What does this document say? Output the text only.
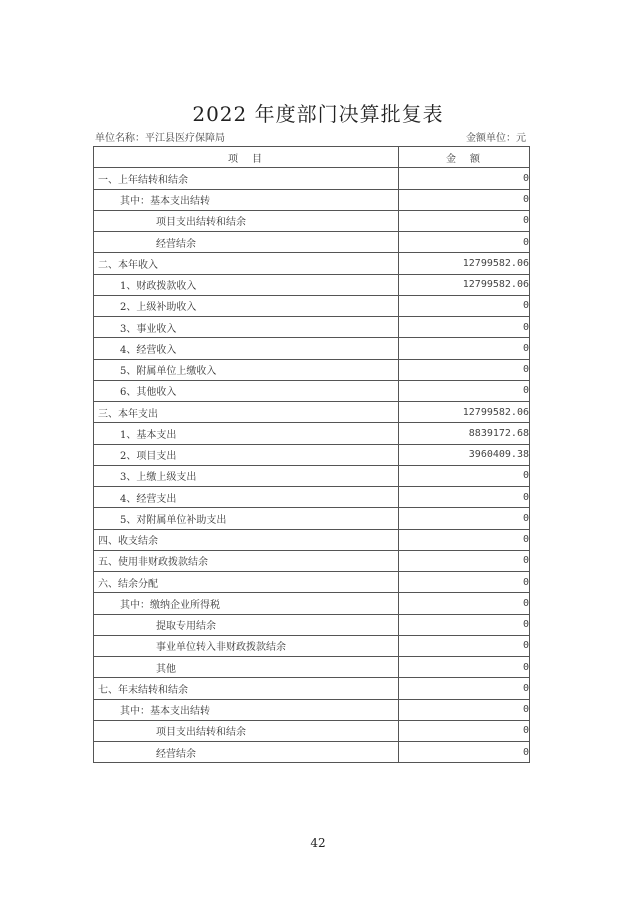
2022 年度部门决算批复表
单位名称：平江县医疗保障局	金额单位：元
项　目	金　额
一、上年结转和结余	0
其中：基本支出结转	0
项目支出结转和结余	0
经营结余	0
二、本年收入	12799582.06
1、财政拨款收入	12799582.06
2、上级补助收入	0
3、事业收入	0
4、经营收入	0
5、附属单位上缴收入	0
6、其他收入	0
三、本年支出	12799582.06
1、基本支出	8839172.68
2、项目支出	3960409.38
3、上缴上级支出	0
4、经营支出	0
5、对附属单位补助支出	0
四、收支结余	0
五、使用非财政拨款结余	0
六、结余分配	0
其中：缴纳企业所得税	0
提取专用结余	0
事业单位转入非财政拨款结余	0
其他	0
七、年末结转和结余	0
其中：基本支出结转	0
项目支出结转和结余	0
经营结余	0
42
